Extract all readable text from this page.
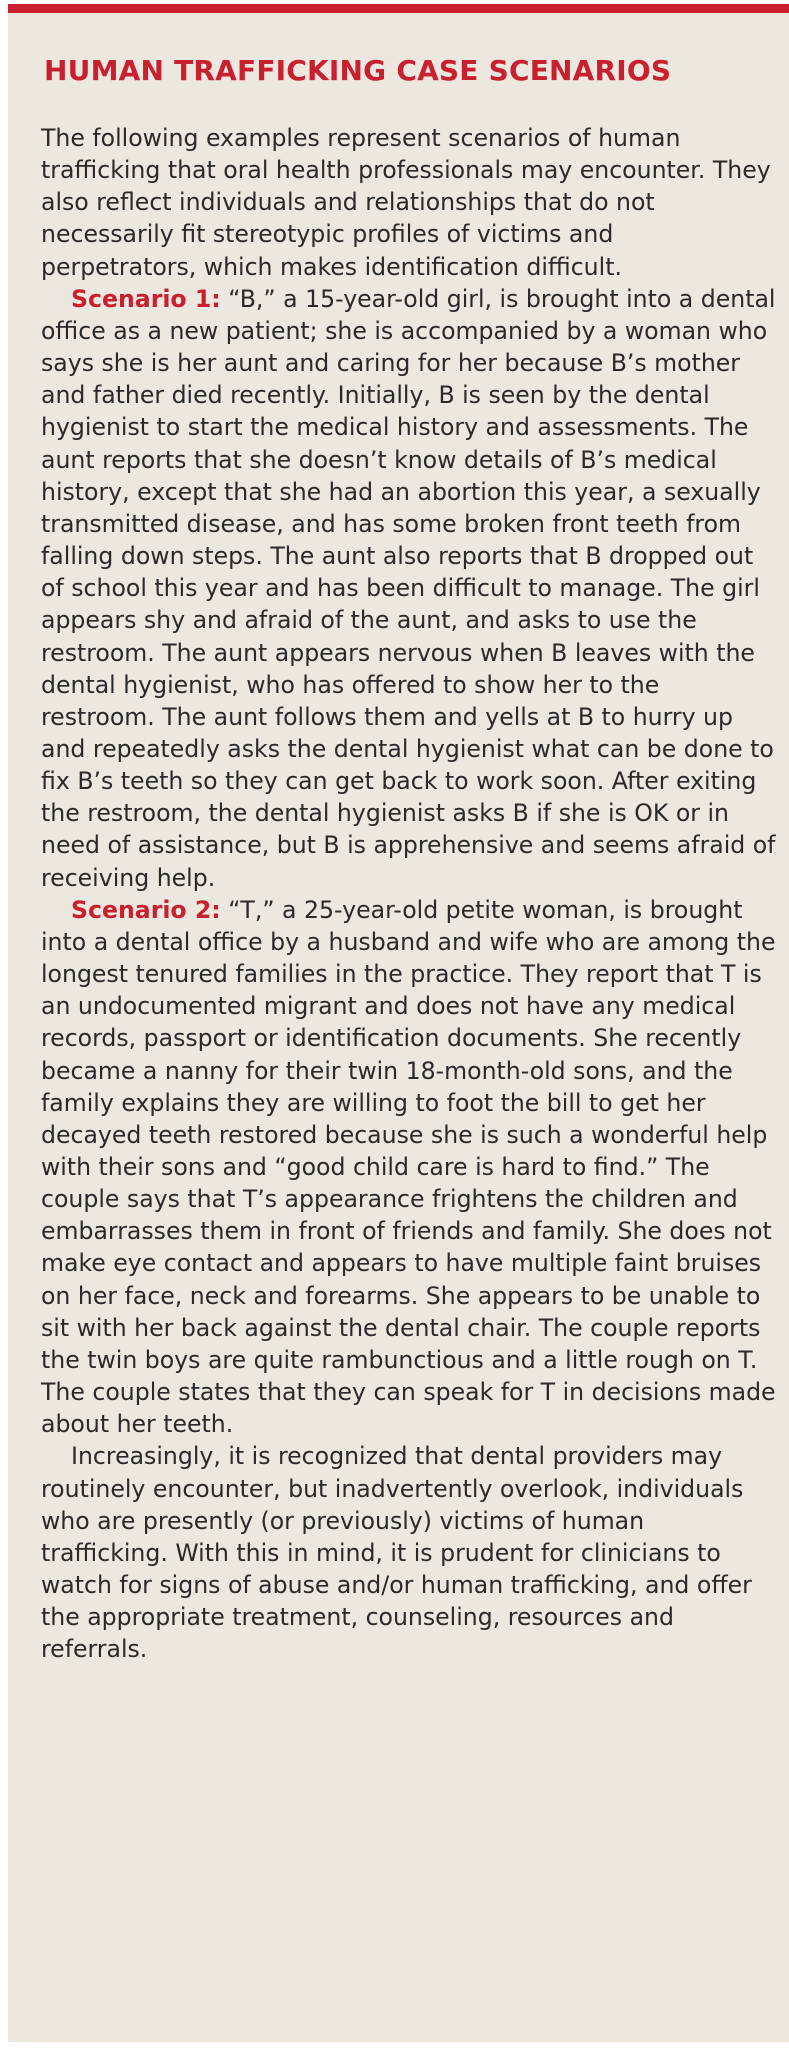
HUMAN TRAFFICKING CASE SCENARIOS

The following examples represent scenarios of human trafficking that oral health professionals may encounter. They also reflect individuals and relationships that do not necessarily fit stereotypic profiles of victims and perpetrators, which makes identification difficult.

Scenario 1: “B,” a 15-year-old girl, is brought into a dental office as a new patient; she is accompanied by a woman who says she is her aunt and caring for her because B’s mother and father died recently. Initially, B is seen by the dental hygienist to start the medical history and assessments. The aunt reports that she doesn’t know details of B’s medical history, except that she had an abortion this year, a sexually transmitted disease, and has some broken front teeth from falling down steps. The aunt also reports that B dropped out of school this year and has been difficult to manage. The girl appears shy and afraid of the aunt, and asks to use the restroom. The aunt appears nervous when B leaves with the dental hygienist, who has offered to show her to the restroom. The aunt follows them and yells at B to hurry up and repeatedly asks the dental hygienist what can be done to fix B’s teeth so they can get back to work soon. After exiting the restroom, the dental hygienist asks B if she is OK or in need of assistance, but B is apprehensive and seems afraid of receiving help.

Scenario 2: “T,” a 25-year-old petite woman, is brought into a dental office by a husband and wife who are among the longest tenured families in the practice. They report that T is an undocumented migrant and does not have any medical records, passport or identification documents. She recently became a nanny for their twin 18-month-old sons, and the family explains they are willing to foot the bill to get her decayed teeth restored because she is such a wonderful help with their sons and “good child care is hard to find.” The couple says that T’s appearance frightens the children and embarrasses them in front of friends and family. She does not make eye contact and appears to have multiple faint bruises on her face, neck and forearms. She appears to be unable to sit with her back against the dental chair. The couple reports the twin boys are quite rambunctious and a little rough on T. The couple states that they can speak for T in decisions made about her teeth.

Increasingly, it is recognized that dental providers may routinely encounter, but inadvertently overlook, individuals who are presently (or previously) victims of human trafficking. With this in mind, it is prudent for clinicians to watch for signs of abuse and/or human trafficking, and offer the appropriate treatment, counseling, resources and referrals.
